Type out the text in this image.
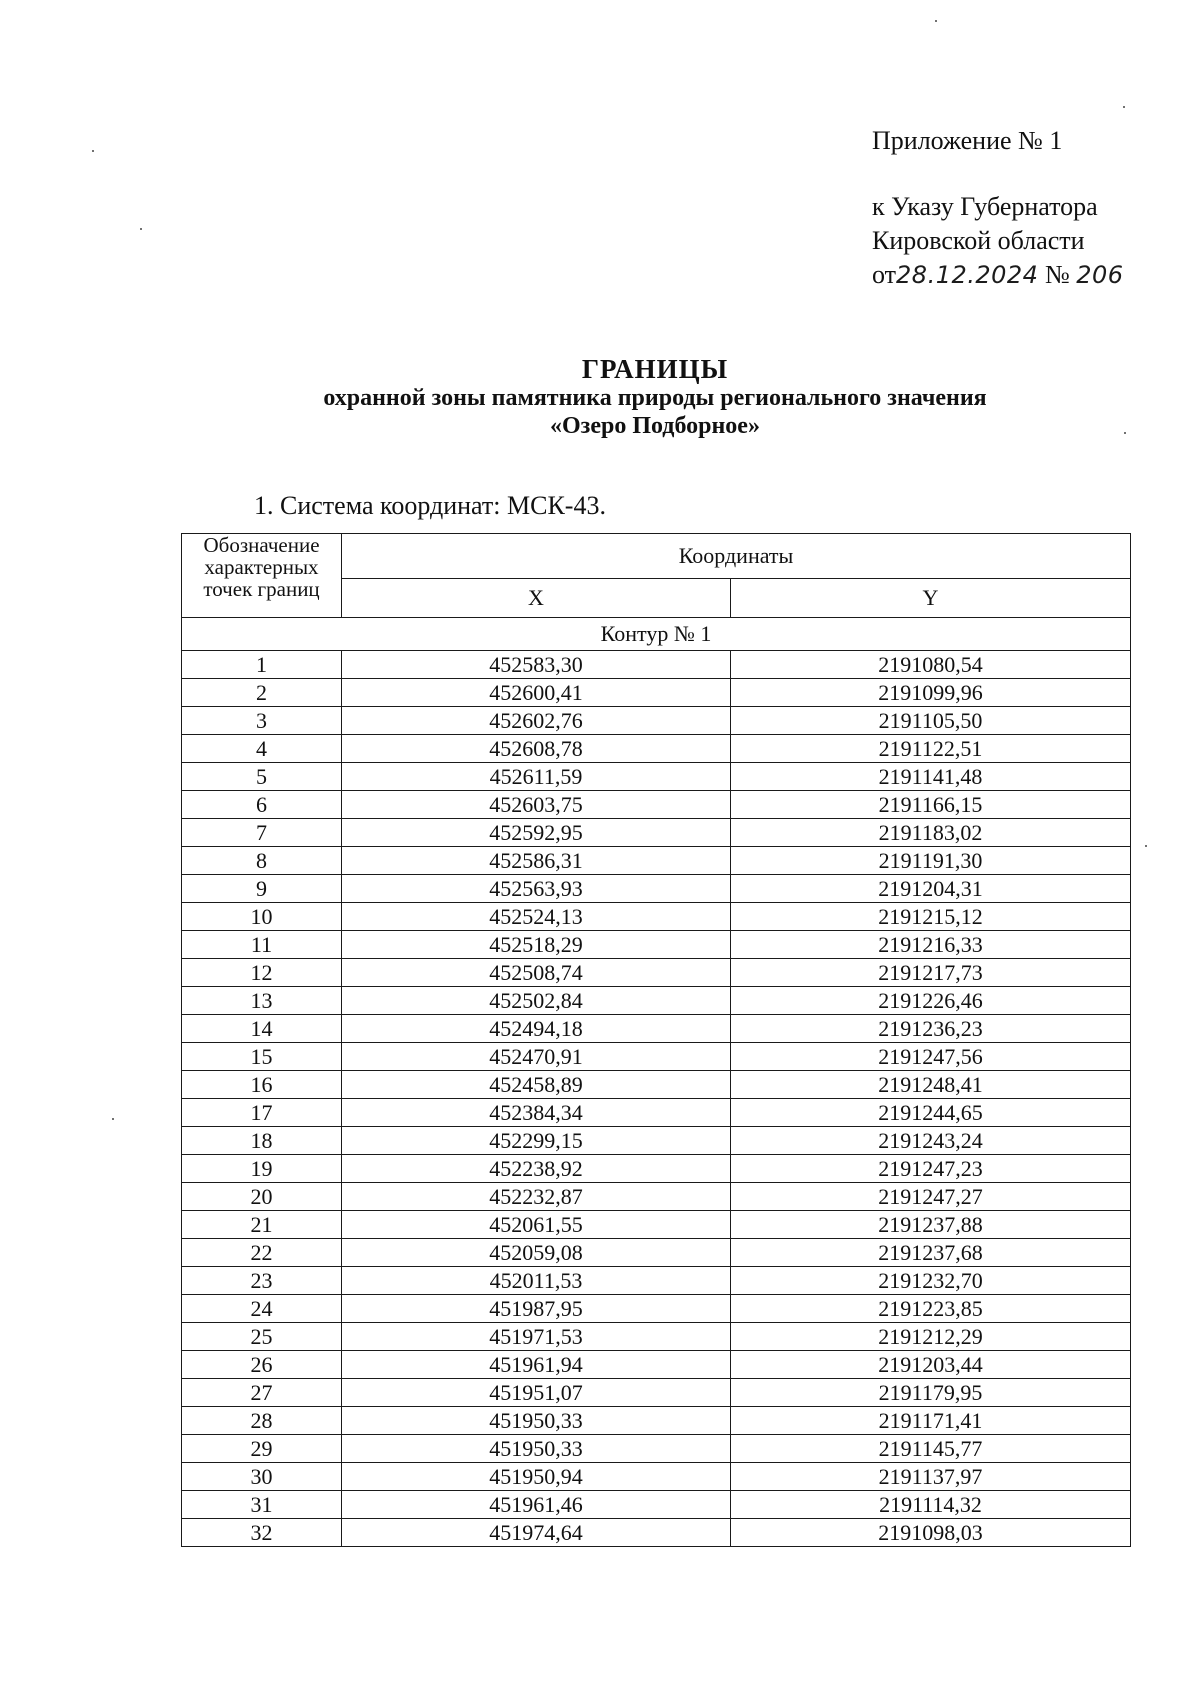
Приложение № 1
к Указу Губернатора
Кировской области
от28.12.2024 № 206
ГРАНИЦЫ
охранной зоны памятника природы регионального значения
«Озеро Подборное»
1. Система координат: МСК-43.
Обозначение характерных точек границ	Координаты	
	X	Y
Контур № 1		
1	452583,30	2191080,54
2	452600,41	2191099,96
3	452602,76	2191105,50
4	452608,78	2191122,51
5	452611,59	2191141,48
6	452603,75	2191166,15
7	452592,95	2191183,02
8	452586,31	2191191,30
9	452563,93	2191204,31
10	452524,13	2191215,12
11	452518,29	2191216,33
12	452508,74	2191217,73
13	452502,84	2191226,46
14	452494,18	2191236,23
15	452470,91	2191247,56
16	452458,89	2191248,41
17	452384,34	2191244,65
18	452299,15	2191243,24
19	452238,92	2191247,23
20	452232,87	2191247,27
21	452061,55	2191237,88
22	452059,08	2191237,68
23	452011,53	2191232,70
24	451987,95	2191223,85
25	451971,53	2191212,29
26	451961,94	2191203,44
27	451951,07	2191179,95
28	451950,33	2191171,41
29	451950,33	2191145,77
30	451950,94	2191137,97
31	451961,46	2191114,32
32	451974,64	2191098,03
